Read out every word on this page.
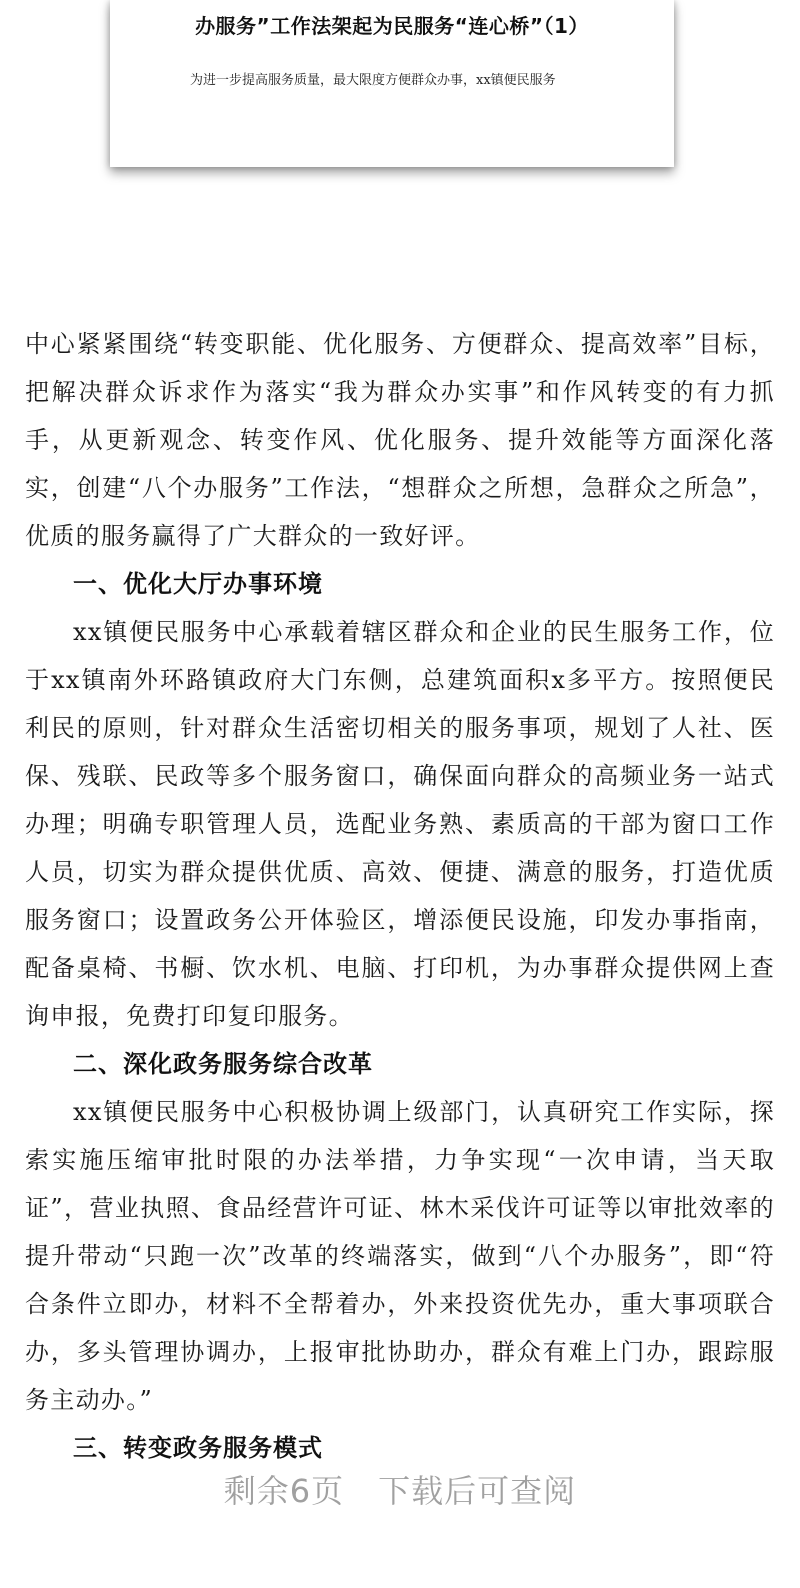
办服务”工作法架起为民服务“连心桥”（1）
为进一步提高服务质量，最大限度方便群众办事，xx镇便民服务

中心紧紧围绕“转变职能、优化服务、方便群众、提高效率”目标，把解决群众诉求作为落实“我为群众办实事”和作风转变的有力抓手，从更新观念、转变作风、优化服务、提升效能等方面深化落实，创建“八个办服务”工作法，“想群众之所想，急群众之所急”，优质的服务赢得了广大群众的一致好评。

一、优化大厅办事环境

xx镇便民服务中心承载着辖区群众和企业的民生服务工作，位于xx镇南外环路镇政府大门东侧，总建筑面积x多平方。按照便民利民的原则，针对群众生活密切相关的服务事项，规划了人社、医保、残联、民政等多个服务窗口，确保面向群众的高频业务一站式办理；明确专职管理人员，选配业务熟、素质高的干部为窗口工作人员，切实为群众提供优质、高效、便捷、满意的服务，打造优质服务窗口；设置政务公开体验区，增添便民设施，印发办事指南，配备桌椅、书橱、饮水机、电脑、打印机，为办事群众提供网上查询申报，免费打印复印服务。

二、深化政务服务综合改革

xx镇便民服务中心积极协调上级部门，认真研究工作实际，探索实施压缩审批时限的办法举措，力争实现“一次申请，当天取证”，营业执照、食品经营许可证、林木采伐许可证等以审批效率的提升带动“只跑一次”改革的终端落实，做到“八个办服务”，即“符合条件立即办，材料不全帮着办，外来投资优先办，重大事项联合办，多头管理协调办，上报审批协助办，群众有难上门办，跟踪服务主动办。”

三、转变政务服务模式
剩余6页 下载后可查阅
